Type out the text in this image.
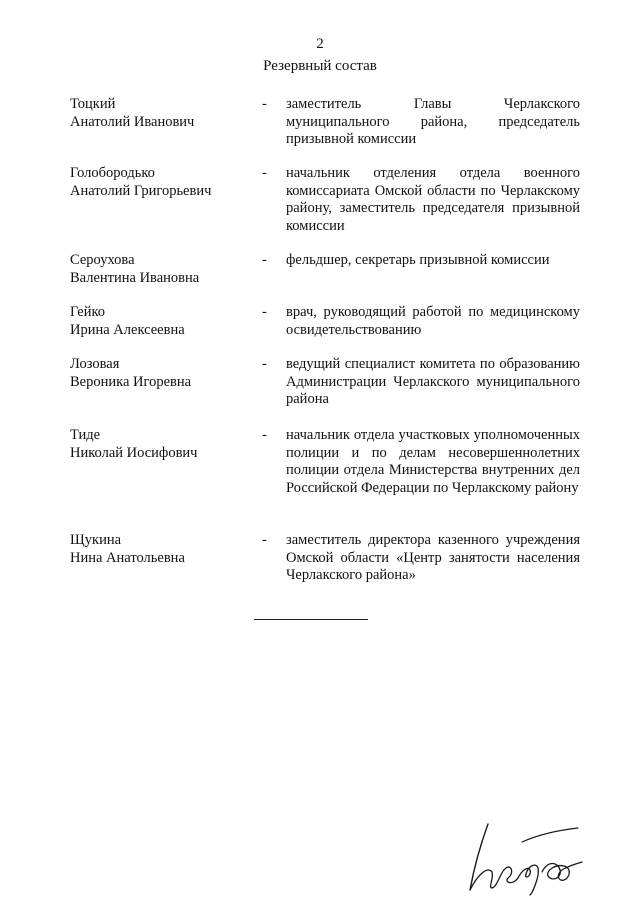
2
Резервный состав
Тоцкий
Анатолий Иванович
- заместитель Главы Черлакского муниципального района, председатель призывной комиссии
Голобородько
Анатолий Григорьевич
- начальник отделения отдела военного комиссариата Омской области по Черлакскому району, заместитель председателя призывной комиссии
Сероухова
Валентина Ивановна
- фельдшер, секретарь призывной комиссии
Гейко
Ирина Алексеевна
- врач, руководящий работой по медицинскому освидетельствованию
Лозовая
Вероника Игоревна
- ведущий специалист комитета по образованию Администрации Черлакского муниципального района
Тиде
Николай Иосифович
- начальник отдела участковых уполномоченных полиции и по делам несовершеннолетних полиции отдела Министерства внутренних дел Российской Федерации по Черлакскому району
Щукина
Нина Анатольевна
- заместитель директора казенного учреждения Омской области «Центр занятости населения Черлакского района»
